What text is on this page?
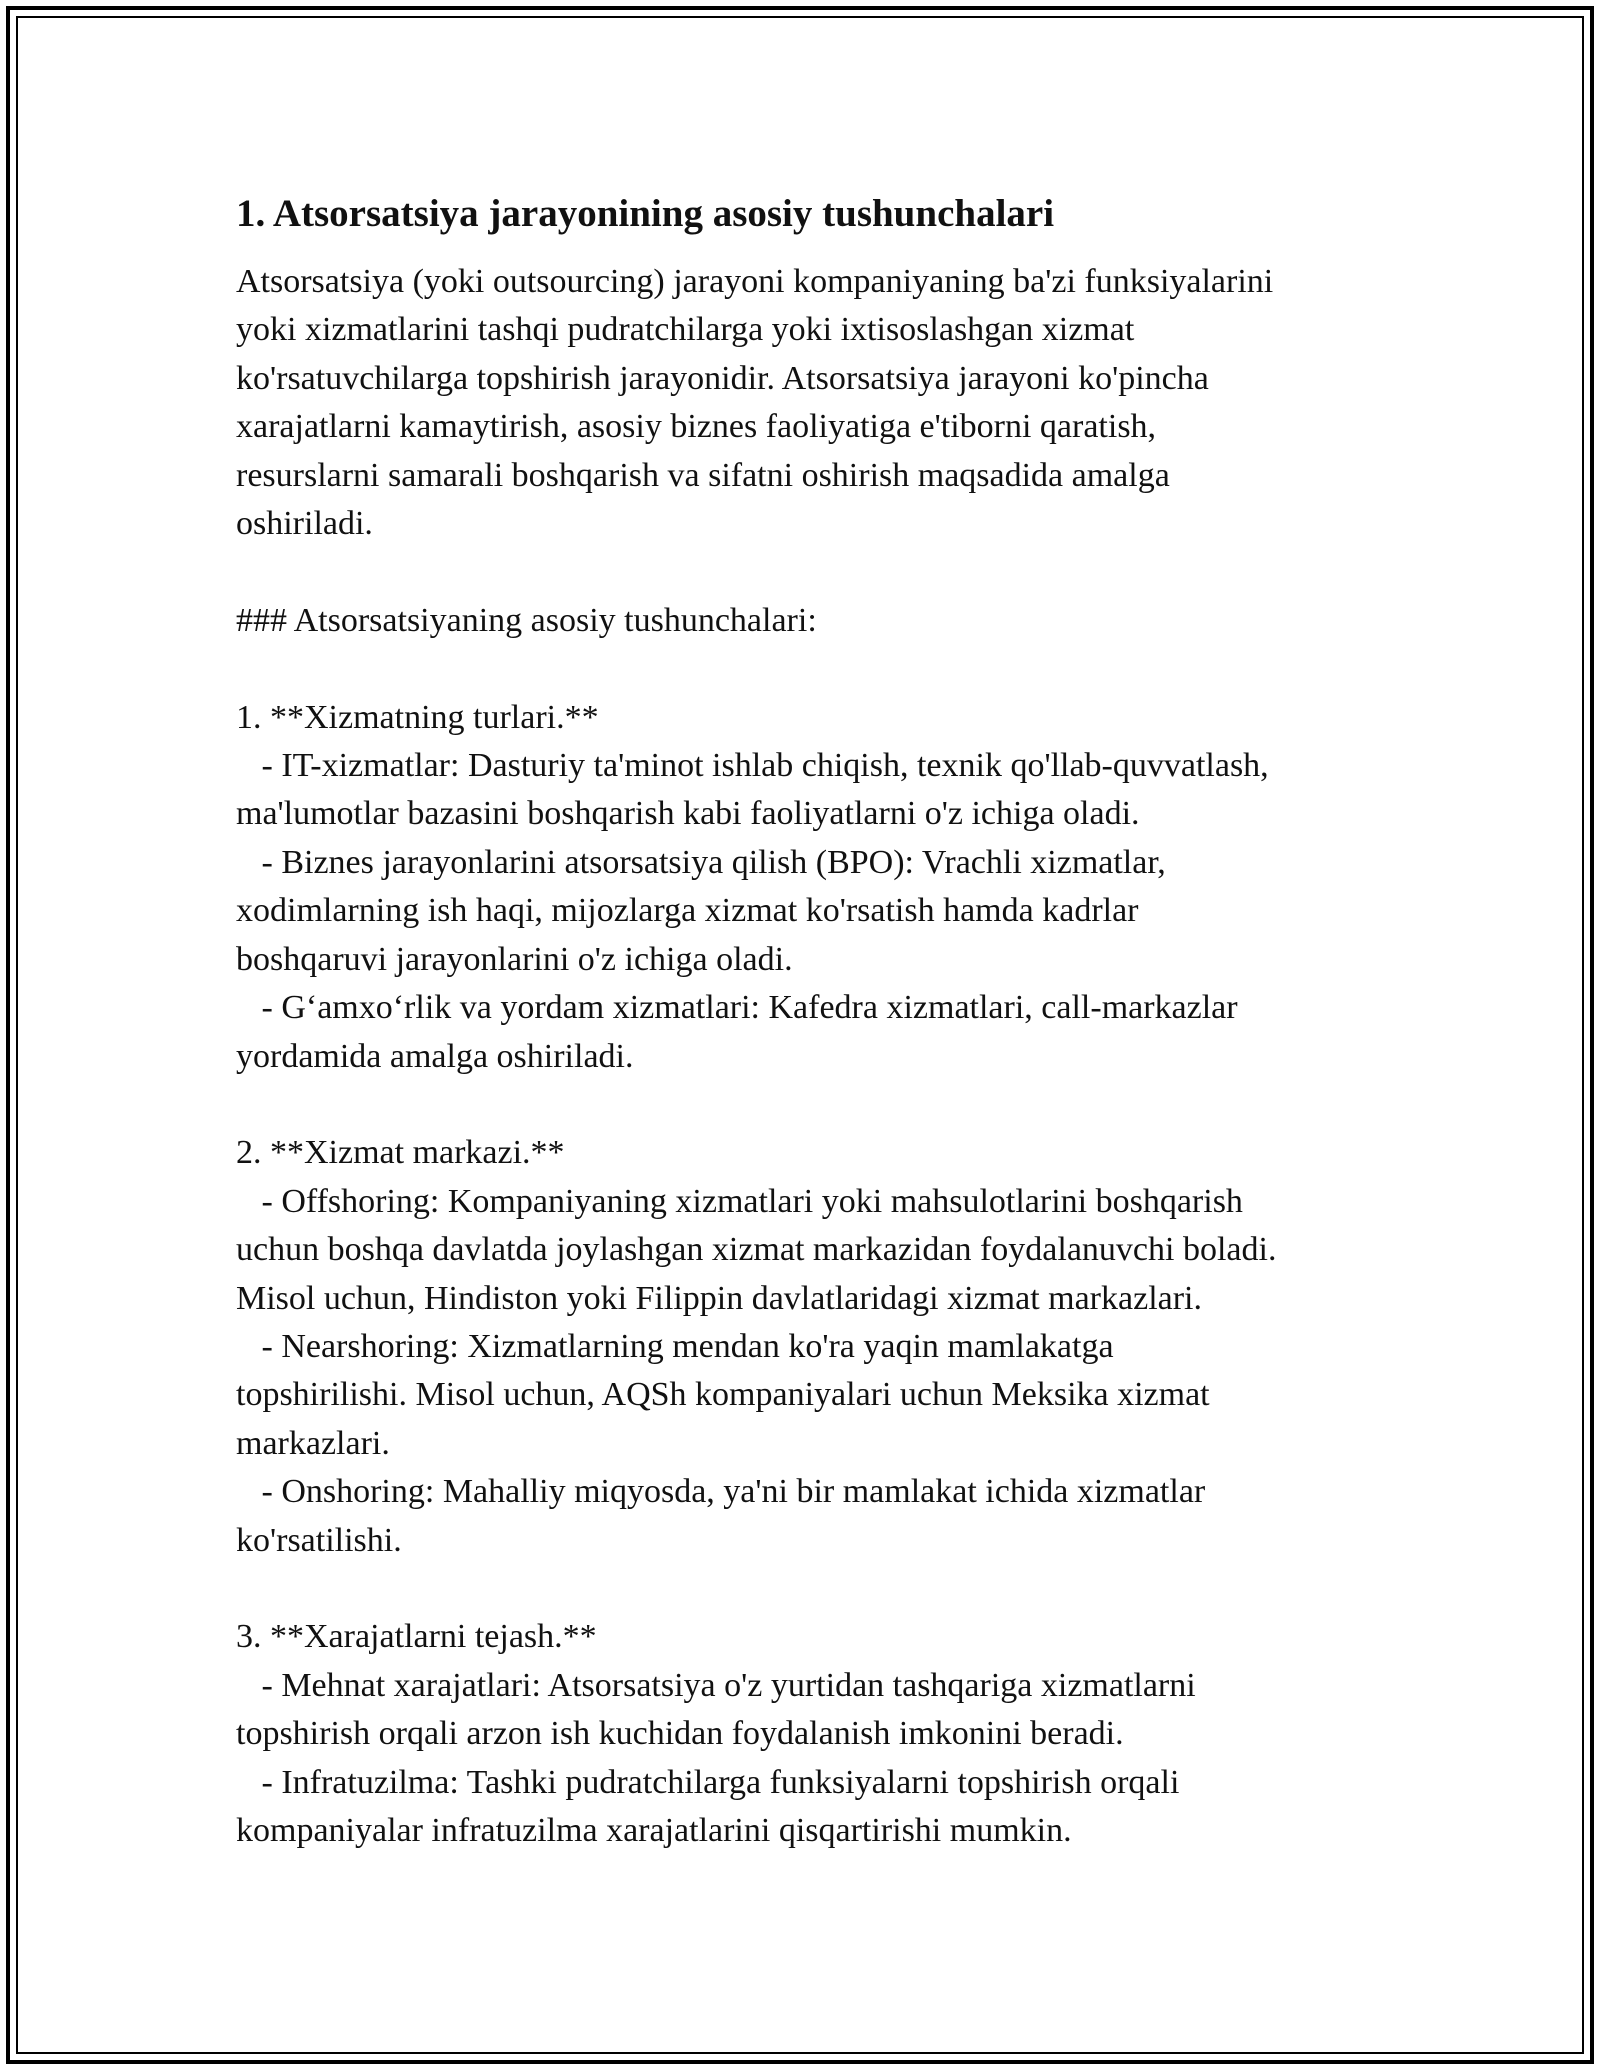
1. Atsorsatsiya jarayonining asosiy tushunchalari
Atsorsatsiya (yoki outsourcing) jarayoni kompaniyaning ba'zi funksiyalarini
yoki xizmatlarini tashqi pudratchilarga yoki ixtisoslashgan xizmat
ko'rsatuvchilarga topshirish jarayonidir. Atsorsatsiya jarayoni ko'pincha
xarajatlarni kamaytirish, asosiy biznes faoliyatiga e'tiborni qaratish,
resurslarni samarali boshqarish va sifatni oshirish maqsadida amalga
oshiriladi.

### Atsorsatsiyaning asosiy tushunchalari:

1. **Xizmatning turlari.**
- IT-xizmatlar: Dasturiy ta'minot ishlab chiqish, texnik qo'llab-quvvatlash,
ma'lumotlar bazasini boshqarish kabi faoliyatlarni o'z ichiga oladi.
- Biznes jarayonlarini atsorsatsiya qilish (BPO): Vrachli xizmatlar,
xodimlarning ish haqi, mijozlarga xizmat ko'rsatish hamda kadrlar
boshqaruvi jarayonlarini o'z ichiga oladi.
- G‘amxo‘rlik va yordam xizmatlari: Kafedra xizmatlari, call-markazlar
yordamida amalga oshiriladi.

2. **Xizmat markazi.**
- Offshoring: Kompaniyaning xizmatlari yoki mahsulotlarini boshqarish
uchun boshqa davlatda joylashgan xizmat markazidan foydalanuvchi boladi.
Misol uchun, Hindiston yoki Filippin davlatlaridagi xizmat markazlari.
- Nearshoring: Xizmatlarning mendan ko'ra yaqin mamlakatga
topshirilishi. Misol uchun, AQSh kompaniyalari uchun Meksika xizmat
markazlari.
- Onshoring: Mahalliy miqyosda, ya'ni bir mamlakat ichida xizmatlar
ko'rsatilishi.

3. **Xarajatlarni tejash.**
- Mehnat xarajatlari: Atsorsatsiya o'z yurtidan tashqariga xizmatlarni
topshirish orqali arzon ish kuchidan foydalanish imkonini beradi.
- Infratuzilma: Tashki pudratchilarga funksiyalarni topshirish orqali
kompaniyalar infratuzilma xarajatlarini qisqartirishi mumkin.
